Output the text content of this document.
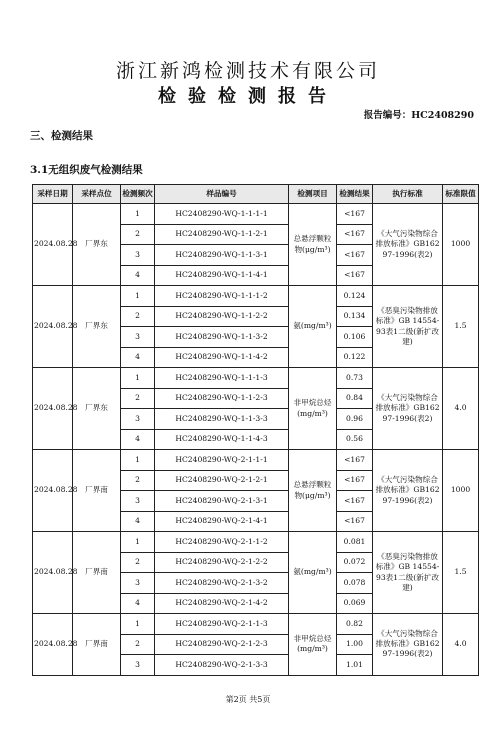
浙江新鸿检测技术有限公司
检验检测报告
报告编号：HC2408290
三、检测结果
3.1无组织废气检测结果
采样日期	采样点位	检测频次	样品编号	检测项目	检测结果	执行标准	标准限值
2024.08.28	厂界东	1	HC2408290-WQ-1-1-1-1	总悬浮颗粒物(μg/m³)	<167	《大气污染物综合排放标准》GB16297-1996(表2)	1000
		2	HC2408290-WQ-1-1-2-1		<167		
		3	HC2408290-WQ-1-1-3-1		<167		
		4	HC2408290-WQ-1-1-4-1		<167		
2024.08.28	厂界东	1	HC2408290-WQ-1-1-1-2	氨(mg/m³)	0.124	《恶臭污染物排放标准》GB 14554-93表1二级(新扩改建)	1.5
		2	HC2408290-WQ-1-1-2-2		0.134		
		3	HC2408290-WQ-1-1-3-2		0.106		
		4	HC2408290-WQ-1-1-4-2		0.122		
2024.08.28	厂界东	1	HC2408290-WQ-1-1-1-3	非甲烷总烃(mg/m³)	0.73	《大气污染物综合排放标准》GB16297-1996(表2)	4.0
		2	HC2408290-WQ-1-1-2-3		0.84		
		3	HC2408290-WQ-1-1-3-3		0.96		
		4	HC2408290-WQ-1-1-4-3		0.56		
2024.08.28	厂界南	1	HC2408290-WQ-2-1-1-1	总悬浮颗粒物(μg/m³)	<167	《大气污染物综合排放标准》GB16297-1996(表2)	1000
		2	HC2408290-WQ-2-1-2-1		<167		
		3	HC2408290-WQ-2-1-3-1		<167		
		4	HC2408290-WQ-2-1-4-1		<167		
2024.08.28	厂界南	1	HC2408290-WQ-2-1-1-2	氨(mg/m³)	0.081	《恶臭污染物排放标准》GB 14554-93表1二级(新扩改建)	1.5
		2	HC2408290-WQ-2-1-2-2		0.072		
		3	HC2408290-WQ-2-1-3-2		0.078		
		4	HC2408290-WQ-2-1-4-2		0.069		
2024.08.28	厂界南	1	HC2408290-WQ-2-1-1-3	非甲烷总烃(mg/m³)	0.82	《大气污染物综合排放标准》GB16297-1996(表2)	4.0
		2	HC2408290-WQ-2-1-2-3		1.00		
		3	HC2408290-WQ-2-1-3-3		1.01		
第2页 共5页
